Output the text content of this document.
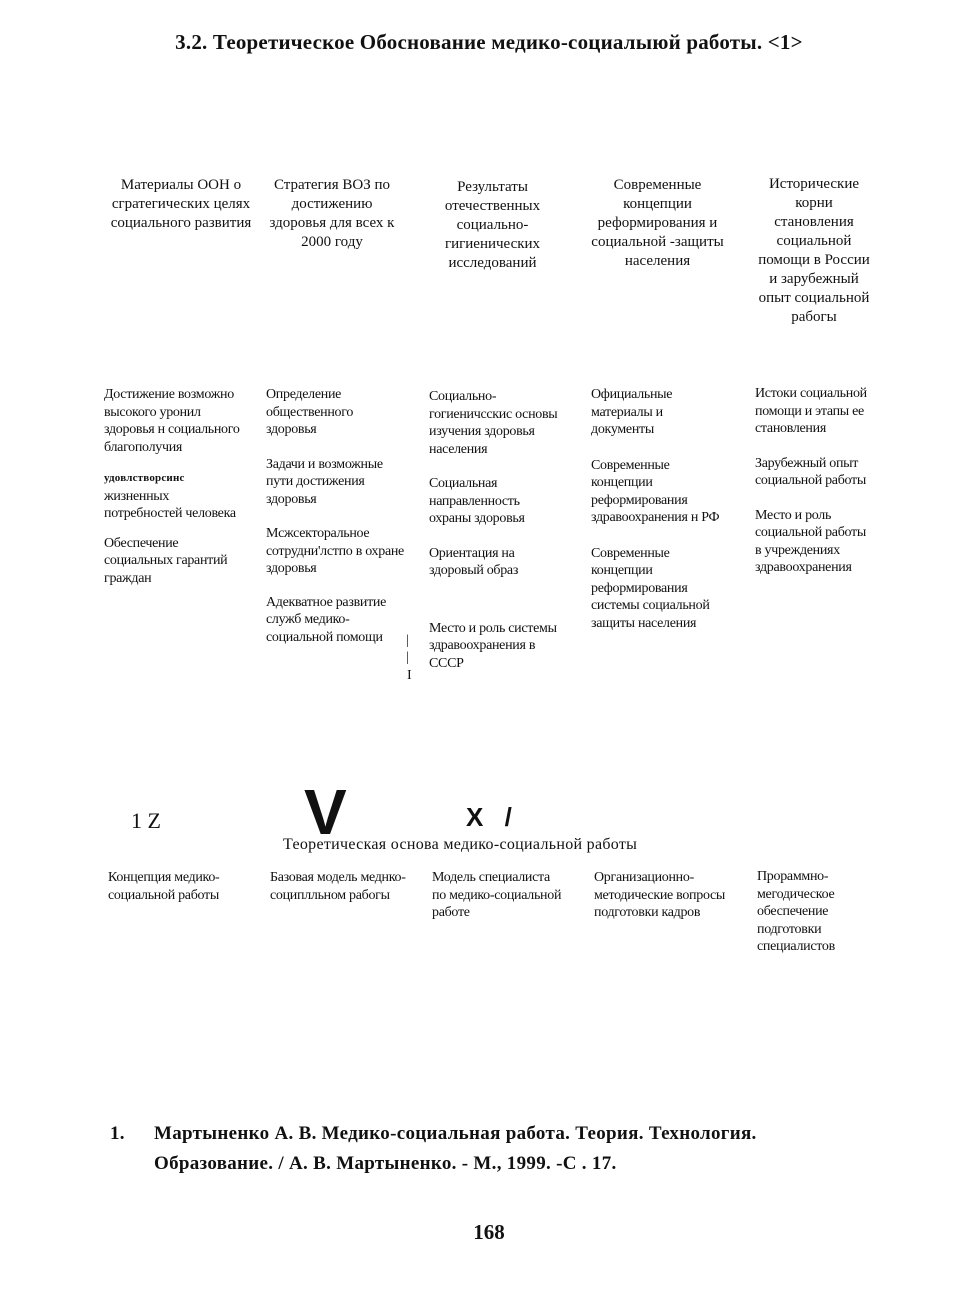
3.2. Теоретическое Обоснование медико-социалыюй работы. <1>
Материалы ООН о сгратегических целях социального развития
Стратегия ВОЗ по достижению здоровья для всех к 2000 году
Результаты отечественных социально-гигиенических исследований
Современные концепции реформирования и социальной -защиты населения
Исторические корни становления социальной помощи в России и зарубежный опыт социальной рабогы

Достижение возможно высокого уронил здоровья н социального благополучия

удовлствоpсинс

жизненных потребностей человека

Обеспечение социальных гарантий граждан

Определение общественного здоровья

Задачи и возможные пути достижения здоровья

Мсжсекторальное сотрудни'лстпо в охране здоровья

Адекватное развитие служб медико-социальной помощи	|
|
I

Социально-гогиеничсскис основы изучения здоровья населения

Социальная направленность охраны здоровья

Ориентация на здоровый образ

Место и роль системы здравоохранения в СССР

Официальные материалы и документы

Современные концепции реформирования здравоохранения н РФ

Современные концепции реформирования системы социальной защиты населения

Истоки социальной помощи и этапы ее становления

Зарубежный опыт социальной работы

Место и роль социальной работы в учреждениях здравоохранения

1 Z V	X /
Теоретическая основа медико-социальной работы
Концепция медико-социальной работы
Базовая модель меднко-социплльном рабогы
Модель специалиста по медико-социальной работе
Организационно-методические вопросы подготовки кадров
Проpаммно-мегодическое обеспечение подготовки специалистов
1. Мартыненко А. В. Медико-социальная работа. Теория. Технология.
Образование. / А. В. Мартыненко. - М., 1999. -С . 17.
168
